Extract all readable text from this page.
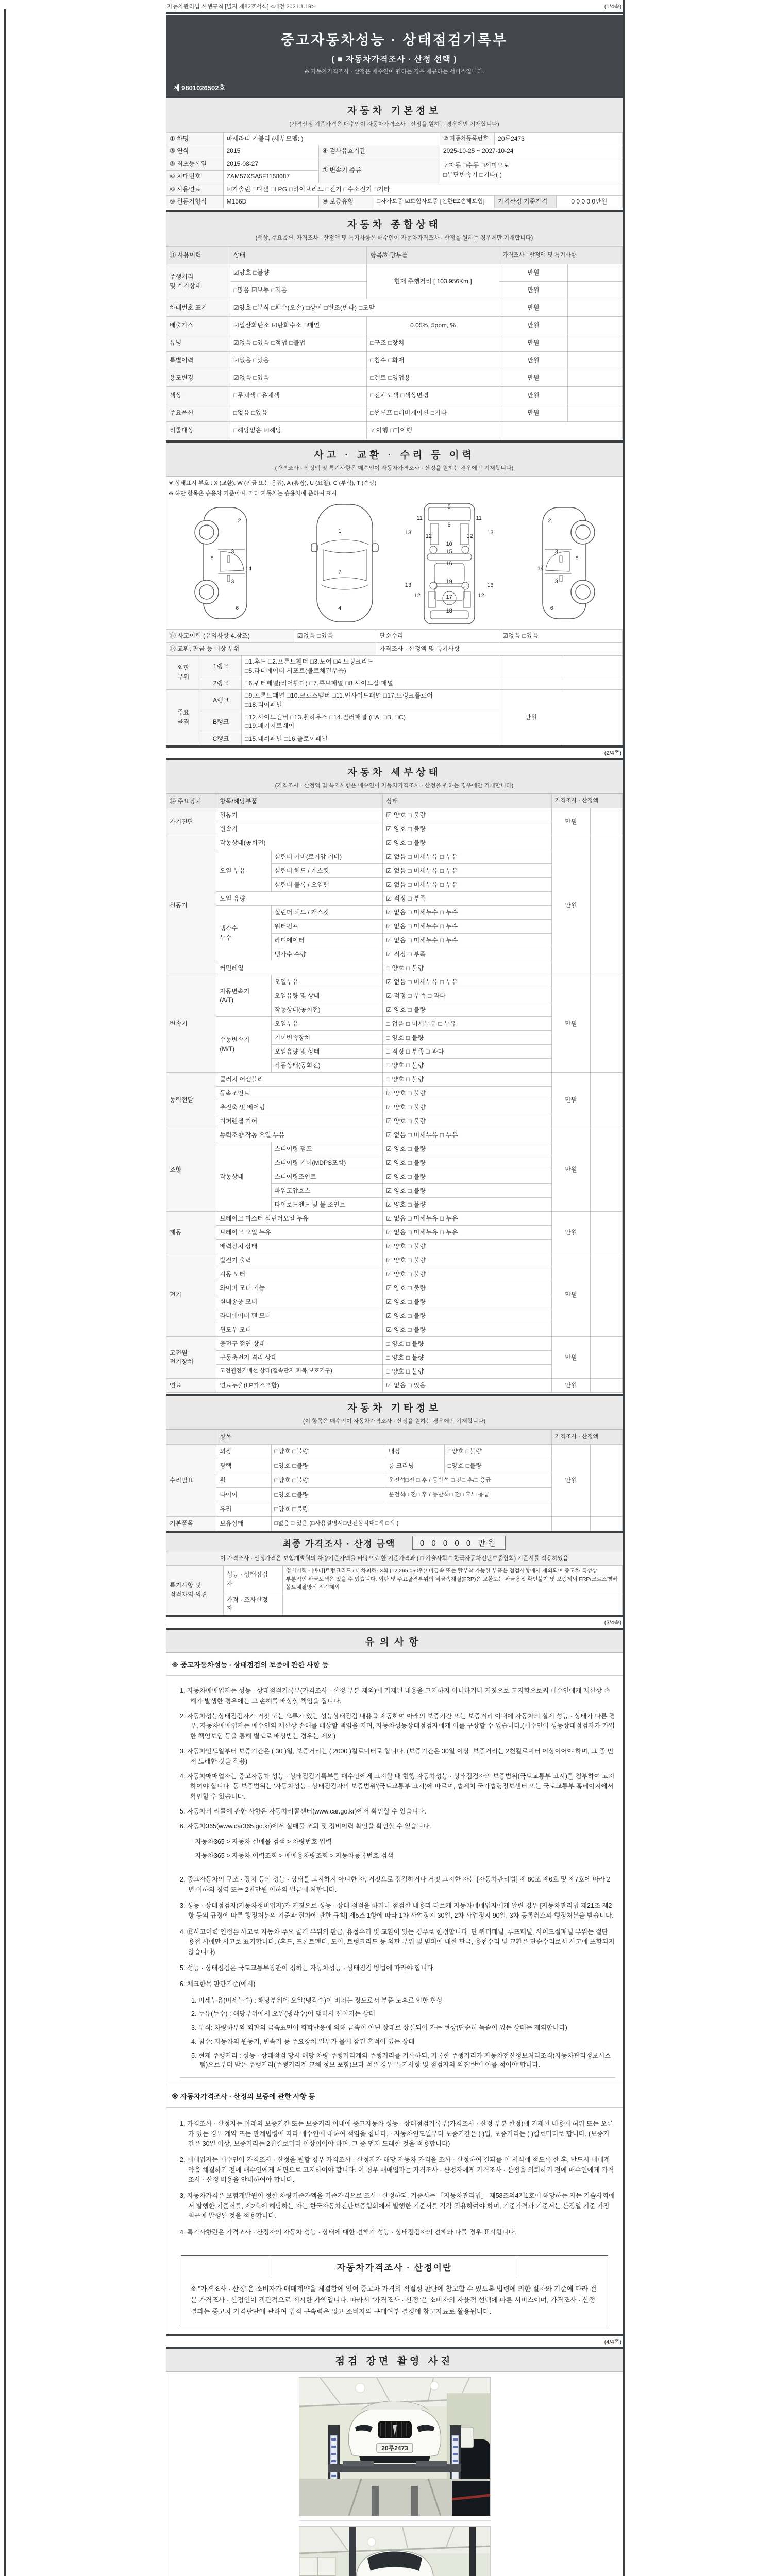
자동차관리법 시행규칙 [별지 제82호서식] <개정 2021.1.19>	(1/4쪽)
중고자동차성능 · 상태점검기록부
( ■ 자동차가격조사 · 산정 선택 )
※ 자동차가격조사 · 산정은 매수인이 원하는 경우 제공하는 서비스입니다.
제 9801026502호
자동차 기본정보
(가격산정 기준가격은 매수인이 자동차가격조사 · 산정을 원하는 경우에만 기재합니다)
① 차명	마세라티 기블리 (세부모델: )			② 자동차등록번호	20루2473	

③ 연식	2015	④ 검사유효기간		2025-10-25 ~ 2027-10-24		

⑤ 최초등록일	2015-08-27	⑦ 변속기 종류		☑자동 □수동 □세미오토
□무단변속기 □기타( )		

⑥ 차대번호	ZAM57XSA5F1158087					

⑧ 사용연료	☑가솔린 □디젤 □LPG □하이브리드 □전기 □수소전기 □기타					

⑨ 원동기형식	M156D	⑩ 보증유형	□자가보증 ☑보험사보증 [신한EZ손해보험]		가격산정 기준가격	0 0 0 0 0만원
자동차 종합상태
(색상, 주요옵션, 가격조사 · 산정액 및 특기사항은 매수인이 자동차가격조사 · 산정을 원하는 경우에만 기재합니다)
⑪ 사용이력	상태	항목/해당부품	가격조사 · 산정액 및 특기사항	

주행거리
및 계기상태	☑양호 □불량	현재 주행거리 [ 103,956Km ]	만원	

	□많음 ☑보통 □적음		만원	

차대번호 표기	☑양호 □부식 □훼손(오손) □상이 □변조(변타) □도말		만원	

배출가스	☑일산화탄소 ☑탄화수소 □매연	0.05%, 5ppm, %	만원	

튜닝	☑없음 □있음 □적법 □불법	□구조 □장치	만원	

특별이력	☑없음 □있음	□침수 □화재	만원	

용도변경	☑없음 □있음	□렌트 □영업용	만원	

색상	□무채색 □유채색	□전체도색 □색상변경	만원	

주요옵션	□없음 □있음	□썬루프 □네비게이션 □기타	만원	

리콜대상	□해당없음 ☑해당	☑이행 □미이행		

사고 · 교환 · 수리 등 이력
(가격조사 · 산정액 및 특기사항은 매수인이 자동차가격조사 · 산정을 원하는 경우에만 기재합니다)
※ 상태표시 부호 : X (교환), W (판금 또는 용접), A (흠집), U (요철), C (부식), T (손상)
※ 하단 항목은 승용차 기준이며, 기타 자동차는 승용차에 준하여 표시
2
8
3
14
3
6
1
7
4
5
11	11
9
13	13
12	12
10
15
16
19
13	13
12	12
17
18
2
3
8
14
3
6
⑫ 사고이력 (유의사항 4.참조)	☑없음 □있음	단순수리	☑없음 □있음

⑬ 교환, 판금 등 이상 부위		가격조사 · 산정액 및 특기사항	
외판
부위

1랭크

□1.후드 □2.프론트휀더 □3.도어 □4.트렁크리드
□5.라디에이터 서포트(볼트체결부품)

	2랭크	□6.쿼터패널(리어휀다) □7.루브패널 □8.사이드실 패널		

주요
골격

A랭크

□9.프론트패널 □10.크로스멤버 □11.인사이드패널 □17.트렁크플로어
□18.리어패널

만원

	B랭크	□12.사이드멤버 □13.휠하우스 □14.필러패널 (□A, □B, □C)
□19.패키지트레이		

	C랭크	□15.대쉬패널 □16.플로어패널		
(2/4쪽)
자동차 세부상태
(가격조사 · 산정액 및 특기사항은 매수인이 자동차가격조사 · 산정을 원하는 경우에만 기재합니다)
⑭ 주요장치	항목/해당부품		상태	가격조사 · 산정액	

자기진단	원동기		☑ 양호 □ 불량	만원	

	변속기		☑ 양호 □ 불량		

원동기	작동상태(공회전)		☑ 양호 □ 불량	만원	

	오일 누유	실린더 커버(로커암 커버)	☑ 없음 □ 미세누유 □ 누유		

		실린더 헤드 / 개스킷	☑ 없음 □ 미세누유 □ 누유		

		실린더 블록 / 오일팬	☑ 없음 □ 미세누유 □ 누유		

	오일 유량		☑ 적정 □ 부족		

	냉각수
누수	실린더 헤드 / 개스킷	☑ 없음 □ 미세누수 □ 누수		

		워터펌프	☑ 없음 □ 미세누수 □ 누수		

		라디에이터	☑ 없음 □ 미세누수 □ 누수		

		냉각수 수량	☑ 적정 □ 부족		

	커먼레일		□ 양호 □ 불량		

변속기	자동변속기
(A/T)	오일누유	☑ 없음 □ 미세누유 □ 누유	만원	

		오일유량 및 상태	☑ 적정 □ 부족 □ 과다		

		작동상태(공회전)	☑ 양호 □ 불량		

	수동변속기
(M/T)	오일누유	□ 없음 □ 미세누유 □ 누유		

		기어변속장치	□ 양호 □ 불량		

		오일유량 및 상태	□ 적정 □ 부족 □ 과다		

		작동상태(공회전)	□ 양호 □ 불량		

동력전달	클러치 어셈블리		□ 양호 □ 불량	만원	

	등속조인트		☑ 양호 □ 불량		

	추진축 및 베어링		☑ 양호 □ 불량		

	디퍼렌셜 기어		☑ 양호 □ 불량		

조향	동력조향 작동 오일 누유		☑ 없음 □ 미세누유 □ 누유	만원	

	작동상태	스티어링 펌프	☑ 양호 □ 불량		

		스티어링 기어(MDPS포함)	☑ 양호 □ 불량		

		스티어링조인트	☑ 양호 □ 불량		

		파워고압호스	☑ 양호 □ 불량		

		타이로드엔드 및 볼 조인트	☑ 양호 □ 불량		

제동	브레이크 마스터 실린더오일 누유		☑ 없음 □ 미세누유 □ 누유	만원	

	브레이크 오일 누유		☑ 없음 □ 미세누유 □ 누유		

	배력장치 상태		☑ 양호 □ 불량		

전기	발전기 출력		☑ 양호 □ 불량	만원	

	시동 모터		☑ 양호 □ 불량		

	와이퍼 모터 기능		☑ 양호 □ 불량		

	실내송풍 모터		☑ 양호 □ 불량		

	라디에이터 팬 모터		☑ 양호 □ 불량		

	윈도우 모터		☑ 양호 □ 불량		

고전원
전기장치	충전구 절연 상태		□ 양호 □ 불량	만원	

	구동축전지 격리 상태		□ 양호 □ 불량		

	고전원전기배선 상태(접속단자,피복,보호기구)		□ 양호 □ 불량		

연료	연료누출(LP가스포함)		☑ 없음 □ 있음	만원	

자동차 기타정보
(이 항목은 매수인이 자동차가격조사 · 산정을 원하는 경우에만 기재합니다)

	항목				가격조사 · 산정액	

수리필요	외장	□양호 □불량	내장	□양호 □불량	만원	

	광택	□양호 □불량	룸 크리닝	□양호 □불량		

	휠	□양호 □불량	운전석□전 □ 후 / 동반석 □ 전□ 후/□ 응급			

	타이어	□양호 □불량	운전석□ 전□ 후 / 동반석□ 전□ 후/□ 응급			

	유리	□양호 □불량				

기본품목	보유상태	□없음 □ 있음 (□사용설명서□안전삼각대□잭 □잭 )				

최종 가격조사 · 산정 금액	0 0 0 0 0 만원
이 가격조사 · 산정가격은 보험개발원의 차량기준가액을 바탕으로 한 기준가격과 ( □ 기술사회,□ 한국자동차진단보증협회) 기준서를 적용하였음
특기사항 및
점검자의 의견

성능 · 상태점검
자

정비이력 - [바디]트렁크리드 / 내차피해- 3회 (12,265,050원)/ 비금속 또는 탈부착 가능한 부품은 점검사항에서 제외되며 중고차 특성상 부분적인 판금도색은 있을 수 있습니다. 외판 및 주요골격부위의 비금속재질(FRP)은 교환또는 판금용접 확인불가 및 보증제외 FRP/크로스멤버 볼트체결방식 점검제외

	가격 · 조사산정
자	

(3/4쪽)
유의사항
※ 중고자동차성능 · 상태점검의 보증에 관한 사항 등
1. 자동차매매업자는 성능 · 상태점검기록부(가격조사 · 산정 부분 제외)에 기재된 내용을 고지하지 아니하거나 거짓으로 고지함으로써 매수인에게 재산상 손해가 발생한 경우에는 그 손해를 배상할 책임을 집니다.
2. 자동차성능상태점검자가 거짓 또는 오류가 있는 성능상태점검 내용을 제공하여 아래의 보증기간 또는 보증거리 이내에 자동차의 실제 성능 · 상태가 다른 경우, 자동차매매업자는 매수인의 재산상 손해를 배상할 책임을 지며, 자동차성능상태점검자에게 이를 구상할 수 있습니다.(매수인이 성능상태점검자가 가입한 책임보험 등을 통해 별도로 배상받는 경우는 제외)
3. 자동차인도일부터 보증기간은 ( 30 )일, 보증거리는 ( 2000 )킬로미터로 합니다. (보증기간은 30일 이상, 보증거리는 2천킬로미터 이상이어야 하며, 그 중 먼저 도래한 것을 적용)
4. 자동차매매업자는 중고자동차 성능 · 상태점검기록부를 매수인에게 고지할 때 현행 자동차성능 · 상태점검자의 보증범위(국토교통부 고시)를 첨부하여 고지하여야 합니다. 동 보증범위는 '자동차성능 · 상태점검자의 보증범위'(국토교통부 고시)에 따르며, 법제처 국가법령정보센터 또는 국토교통부 홈페이지에서 확인할 수 있습니다.
5. 자동차의 리콜에 관한 사항은 자동차리콜센터(www.car.go.kr)에서 확인할 수 있습니다.
6. 자동차365(www.car365.go.kr)에서 실매물 조회 및 정비이력 확인을 확인할 수 있습니다.
- 자동차365 > 자동차 실매물 검색 > 차량번호 입력
- 자동차365 > 자동차 이력조회 > 매매용차량조회 > 자동차등록번호 검색
2. 중고자동차의 구조 · 장치 등의 성능 · 상태를 고지하지 아니한 자, 거짓으로 점검하거나 거짓 고지한 자는 [자동차관리법] 제 80조 제6호 및 제7호에 따라 2년 이하의 징역 또는 2천만원 이하의 벌금에 처합니다.
3. 성능 · 상태점검자(자동차정비업자)가 거짓으로 성능 · 상태 점검을 하거나 점검한 내용과 다르게 자동차매매업자에게 알린 경우 [자동차관리법 제21조 제2항 등의 규정에 따른 행정처분의 기준과 절차에 관한 규칙] 제5조 1항에 따라 1차 사업정지 30일, 2차 사업정지 90일, 3차 등록취소의 행정처분을 받습니다.
4. ⑫사고이력 인정은 사고로 자동차 주요 골격 부위의 판금, 용접수리 및 교환이 있는 경우로 한정합니다. 단 쿼터패널, 루프패널, 사이드실패널 부위는 절단, 용접 시에만 사고로 표기합니다. (후드, 프론트펜더, 도어, 트렁크리드 등 외판 부위 및 범퍼에 대한 판금, 용접수리 및 교환은 단순수리로서 사고에 포함되지 않습니다)
5. 성능 · 상태점검은 국토교통부장관이 정하는 자동차성능 · 상태점검 방법에 따라야 합니다.
6. 체크항목 판단기준(예시)
1. 미세누유(미세누수) : 해당부위에 오일(냉각수)이 비치는 정도로서 부품 노후로 인한 현상
2. 누유(누수) : 해당부위에서 오일(냉각수)이 맺혀서 떨어지는 상태
3. 부식: 차량하부와 외판의 금속표면이 화학반응에 의해 금속이 아닌 상태로 상실되어 가는 현상(단순히 녹슬어 있는 상태는 제외합니다)
4. 침수: 자동차의 원동기, 변속기 등 주요장치 일부가 물에 잠긴 흔적이 있는 상태
5. 현재 주행거리 : 성능 · 상태점검 당시 해당 차량 주행거리계의 주행거리를 기록하되, 기록한 주행거리가 자동차전산정보처리조직(자동차관리정보시스템)으로부터 받은 주행거리(주행거리계 교체 정보 포함)보다 적은 경우 '특기사항 및 점검자의 의견'란에 이를 적어야 합니다.
※ 자동차가격조사 · 산정의 보증에 관한 사항 등
1. 가격조사 · 산정자는 아래의 보증기간 또는 보증거리 이내에 중고자동차 성능 · 상태점검기록부(가격조사 · 산정 부분 한정)에 기재된 내용에 허위 또는 오류가 있는 경우 계약 또는 관계법령에 따라 매수인에 대하여 책임을 집니다. · 자동차인도일부터 보증기간은 ( )일, 보증거리는 ( )킬로미터로 합니다. (보증기간은 30일 이상, 보증거리는 2천킬로미터 이상이어야 하며, 그 중 먼저 도래한 것을 적용합니다)
2. 매매업자는 매수인이 가격조사 · 산정을 원할 경우 가격조사 · 산정자가 해당 자동차 가격을 조사 · 산정하여 결과를 이 서식에 적도록 한 후, 반드시 매매계약을 체결하기 전에 매수인에게 서면으로 고지하여야 합니다. 이 경우 매매업자는 가격조사 · 산정자에게 가격조사 · 산정을 의뢰하기 전에 매수인에게 가격조사 · 산정 비용을 안내하여야 합니다.
3. 자동차가격은 보험개발원이 정한 차량기준가액을 기준가격으로 조사 · 산정하되, 기준서는 「자동차관리법」 제58조의4제1호에 해당하는 자는 기술사회에서 발행한 기준서를, 제2호에 해당하는 자는 한국자동차진단보증협회에서 발행한 기준서를 각각 적용하여야 하며, 기준가격과 기준서는 산정일 기준 가장 최근에 발행된 것을 적용합니다.
4. 특기사항란은 가격조사 · 산정자의 자동차 성능 · 상태에 대한 견해가 성능 · 상태점검자의 견해와 다를 경우 표시합니다.
자동차가격조사 · 산정이란
※ "가격조사 · 산정"은 소비자가 매매계약을 체결함에 있어 중고차 가격의 적절성 판단에 참고할 수 있도록 법령에 의한 절차와 기준에 따라 전문 가격조사 · 산정인이 객관적으로 제시한 가액입니다. 따라서 "가격조사 · 산정"은 소비자의 자율적 선택에 따른 서비스이며, 가격조사 · 산정 결과는 중고차 가격판단에 관하여 법적 구속력은 없고 소비자의 구매여부 결정에 참고자료로 활용됩니다.
(4/4쪽)
점검 장면 촬영 사진
20루2473
